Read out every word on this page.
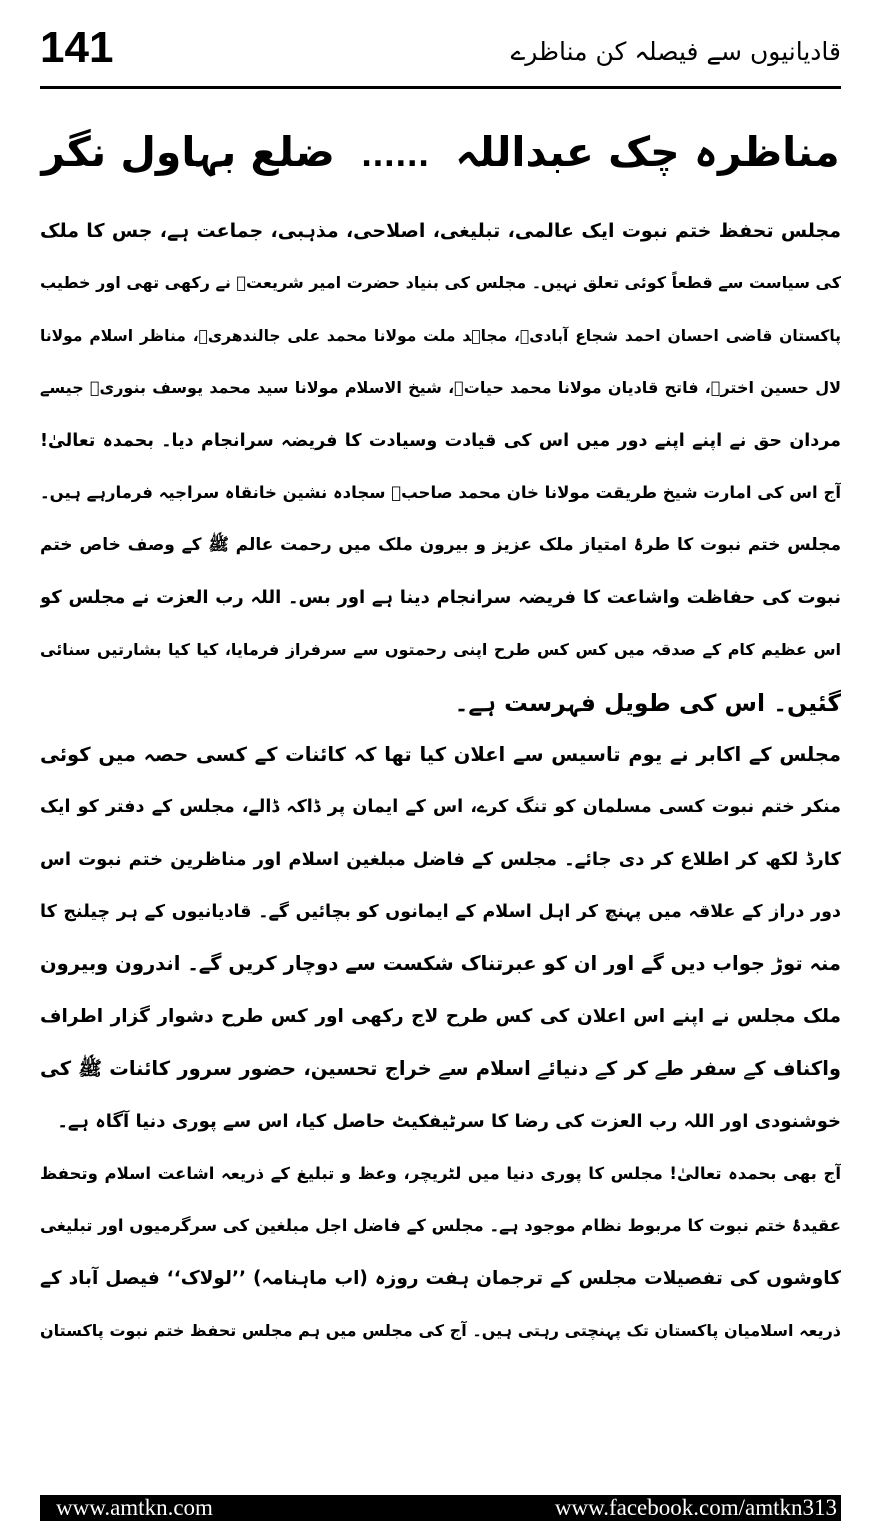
141	قادیانیوں سے فیصلہ کن مناظرے
مناظرہ چک عبداللہ......ضلع بہاول نگر
مجلس تحفظ ختم نبوت ایک عالمی، تبلیغی، اصلاحی، مذہبی، جماعت ہے، جس کا ملک
کی سیاست سے قطعاً کوئی تعلق نہیں۔ مجلس کی بنیاد حضرت امیر شریعتؒ نے رکھی تھی اور خطیب
پاکستان قاضی احسان احمد شجاع آبادیؒ، مجاہد ملت مولانا محمد علی جالندھریؒ، مناظر اسلام مولانا
لال حسین اخترؒ، فاتح قادیان مولانا محمد حیاتؒ، شیخ الاسلام مولانا سید محمد یوسف بنوریؒ جیسے
مردان حق نے اپنے اپنے دور میں اس کی قیادت وسیادت کا فریضہ سرانجام دیا۔ بحمدہ تعالیٰ!
آج اس کی امارت شیخ طریقت مولانا خان محمد صاحبؒ سجادہ نشین خانقاہ سراجیہ فرمارہے ہیں۔
مجلس ختم نبوت کا طرۂ امتیاز ملک عزیز و بیرون ملک میں رحمت عالم ﷺ کے وصف خاص ختم
نبوت کی حفاظت واشاعت کا فریضہ سرانجام دینا ہے اور بس۔ اللہ رب العزت نے مجلس کو
اس عظیم کام کے صدقہ میں کس کس طرح اپنی رحمتوں سے سرفراز فرمایا، کیا کیا بشارتیں سنائی
گئیں۔ اس کی طویل فہرست ہے۔
مجلس کے اکابر نے یوم تاسیس سے اعلان کیا تھا کہ کائنات کے کسی حصہ میں کوئی
منکر ختم نبوت کسی مسلمان کو تنگ کرے، اس کے ایمان پر ڈاکہ ڈالے، مجلس کے دفتر کو ایک
کارڈ لکھ کر اطلاع کر دی جائے۔ مجلس کے فاضل مبلغین اسلام اور مناظرین ختم نبوت اس
دور دراز کے علاقہ میں پہنچ کر اہل اسلام کے ایمانوں کو بچائیں گے۔ قادیانیوں کے ہر چیلنج کا
منہ توڑ جواب دیں گے اور ان کو عبرتناک شکست سے دوچار کریں گے۔ اندرون وبیرون
ملک مجلس نے اپنے اس اعلان کی کس طرح لاج رکھی اور کس طرح دشوار گزار اطراف
واکناف کے سفر طے کر کے دنیائے اسلام سے خراج تحسین، حضور سرور کائنات ﷺ کی
خوشنودی اور اللہ رب العزت کی رضا کا سرٹیفکیٹ حاصل کیا، اس سے پوری دنیا آگاہ ہے۔
آج بھی بحمدہ تعالیٰ! مجلس کا پوری دنیا میں لٹریچر، وعظ و تبلیغ کے ذریعہ اشاعت اسلام وتحفظ
عقیدۂ ختم نبوت کا مربوط نظام موجود ہے۔ مجلس کے فاضل اجل مبلغین کی سرگرمیوں اور تبلیغی
کاوشوں کی تفصیلات مجلس کے ترجمان ہفت روزہ (اب ماہنامہ) ’’لولاک‘‘ فیصل آباد کے
ذریعہ اسلامیان پاکستان تک پہنچتی رہتی ہیں۔ آج کی مجلس میں ہم مجلس تحفظ ختم نبوت پاکستان
www.amtkn.com	www.facebook.com/amtkn313
